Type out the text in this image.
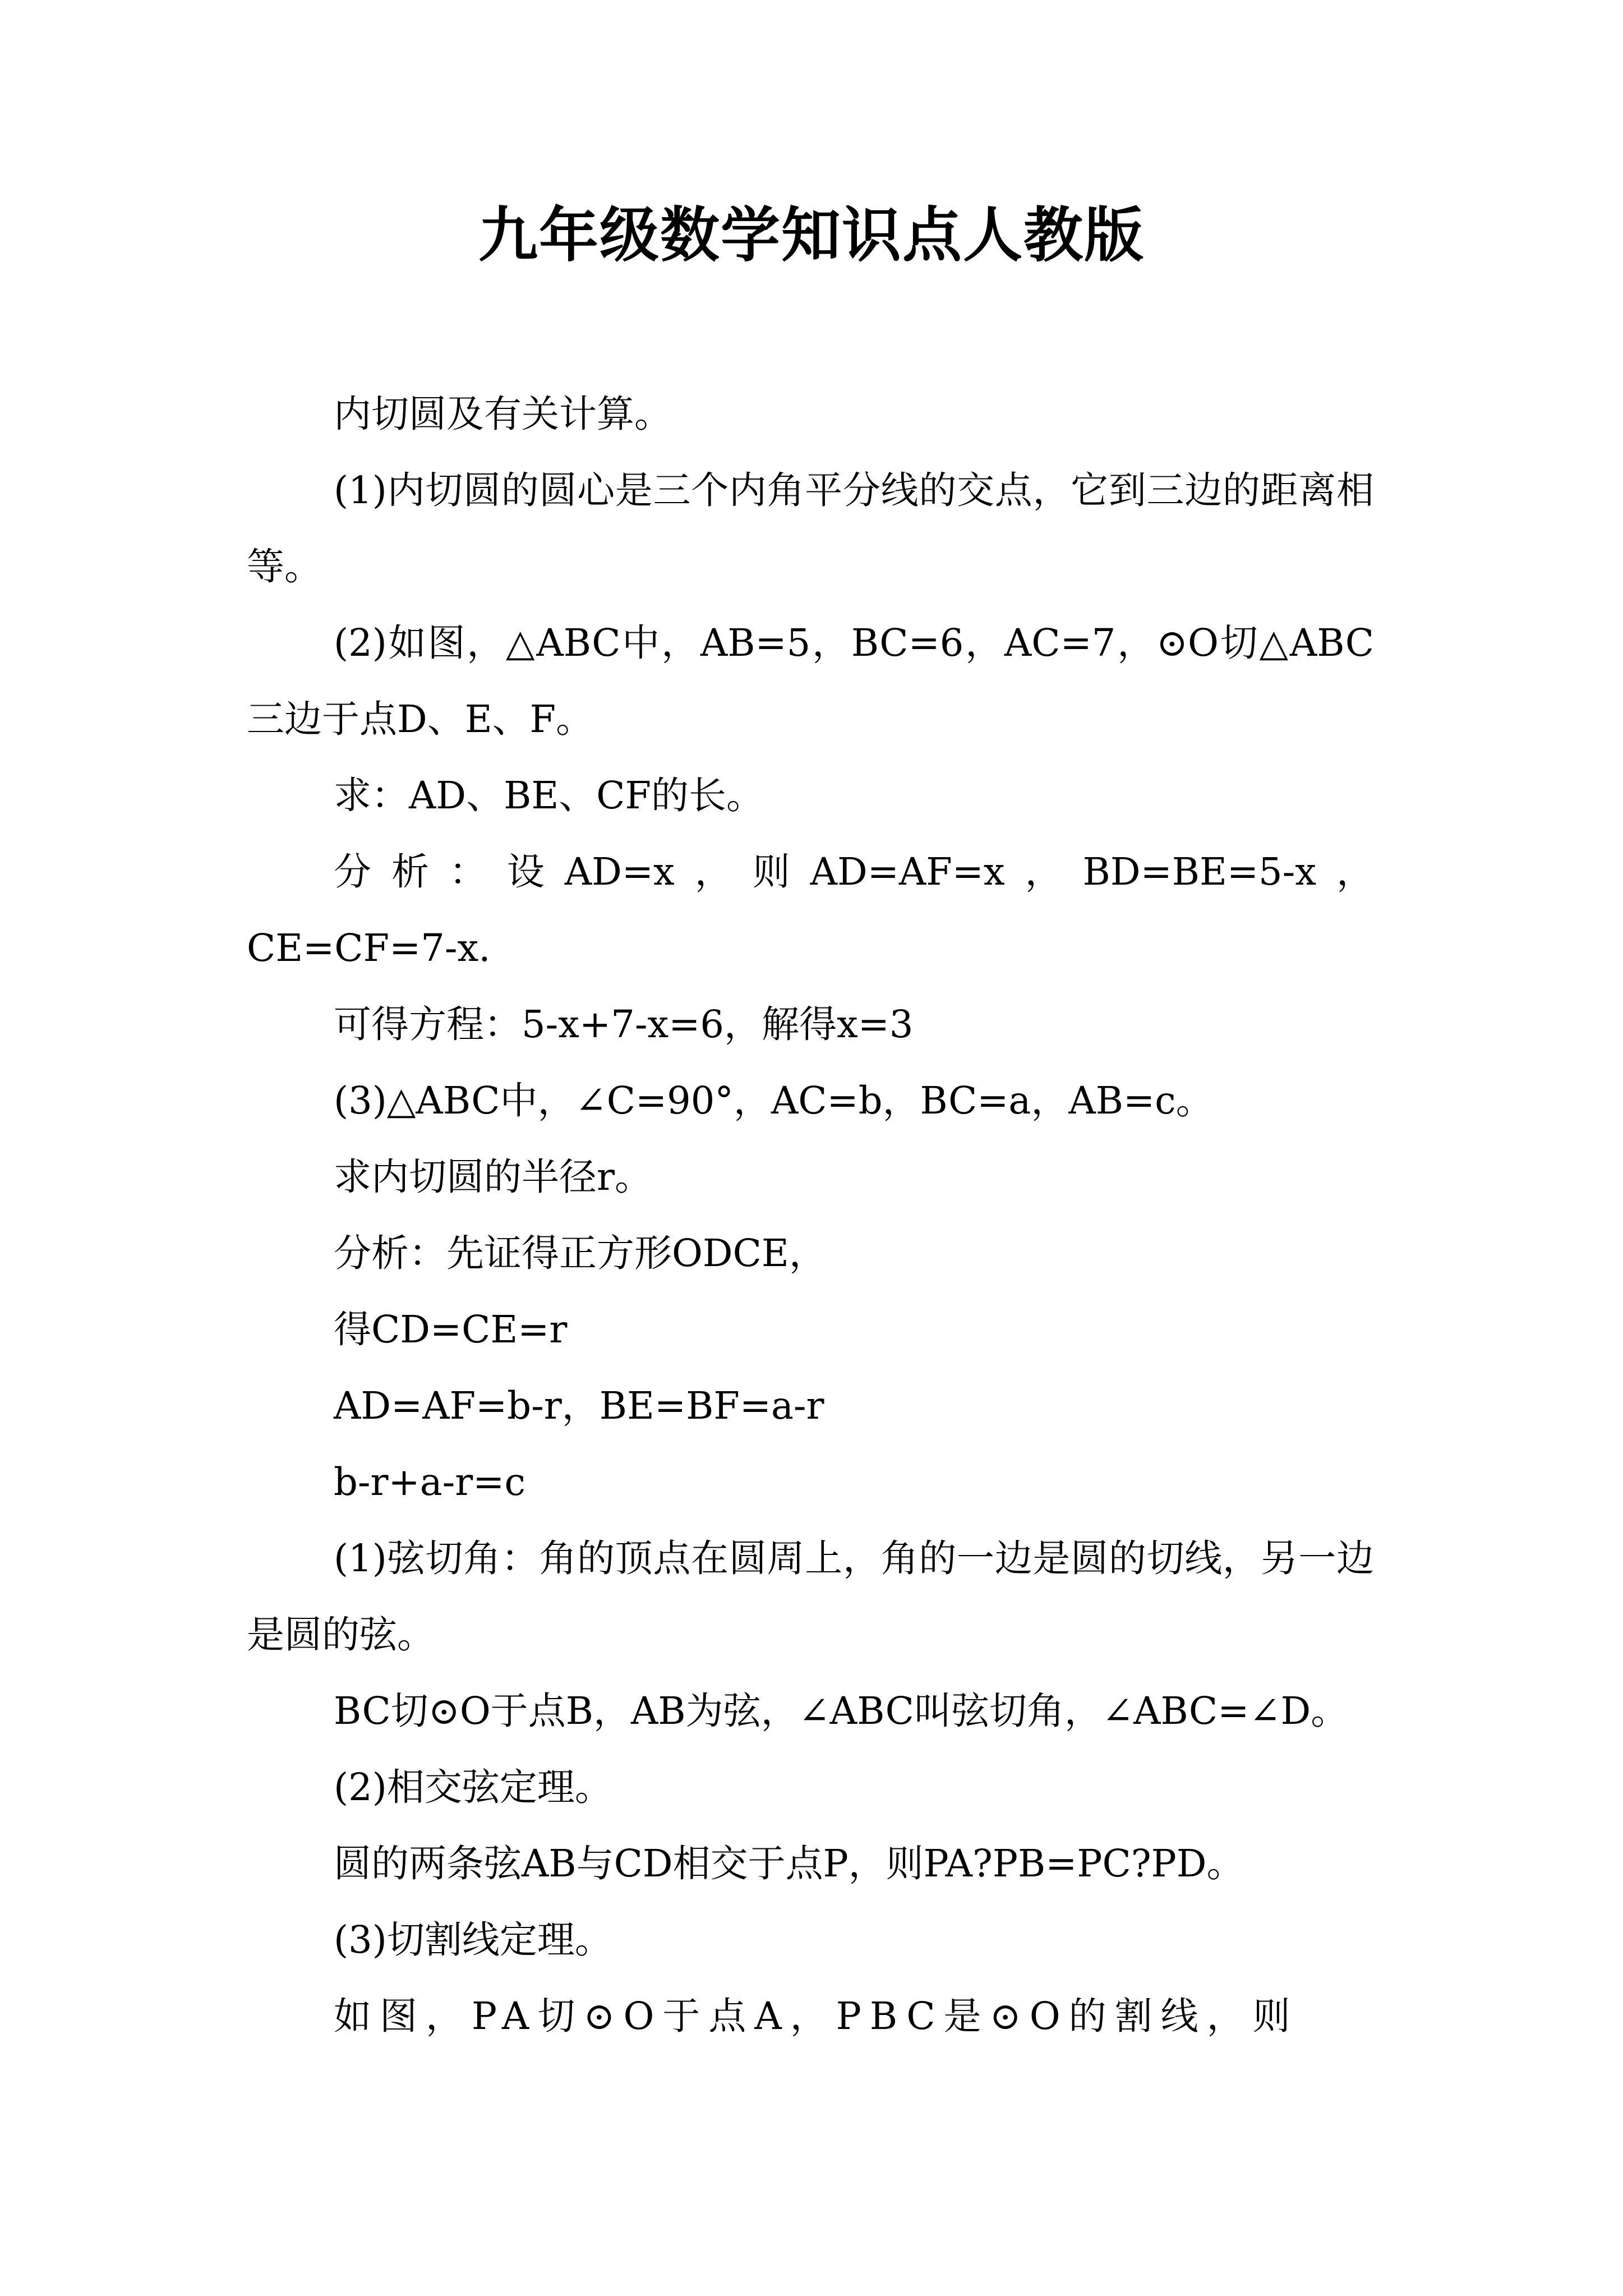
九年级数学知识点人教版

内切圆及有关计算。

(1)内切圆的圆心是三个内角平分线的交点，它到三边的距离相等。

(2)如图，△ABC中，AB=5，BC=6，AC=7，⊙O切△ABC三边于点D、E、F。

求：AD、BE、CF的长。

分析：设AD=x，则AD=AF=x，BD=BE=5-x，CE=CF=7-x.

可得方程：5-x+7-x=6，解得x=3

(3)△ABC中，∠C=90°，AC=b，BC=a，AB=c。

求内切圆的半径r。

分析：先证得正方形ODCE，

得CD=CE=r

AD=AF=b-r，BE=BF=a-r

b-r+a-r=c

(1)弦切角：角的顶点在圆周上，角的一边是圆的切线，另一边是圆的弦。

BC切⊙O于点B，AB为弦，∠ABC叫弦切角，∠ABC=∠D。

(2)相交弦定理。

圆的两条弦AB与CD相交于点P，则PA?PB=PC?PD。

(3)切割线定理。

如图，PA切⊙O于点A，PBC是⊙O的割线，则
